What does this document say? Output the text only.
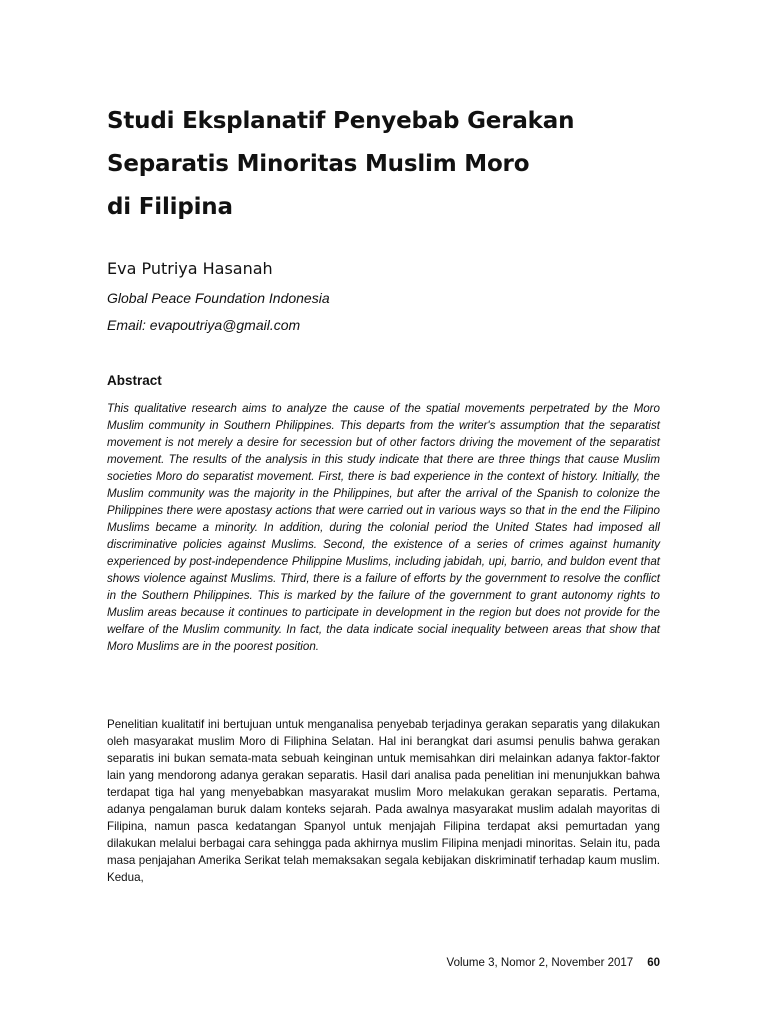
Studi Eksplanatif Penyebab Gerakan
Separatis Minoritas Muslim Moro
di Filipina
Eva Putriya Hasanah
Global Peace Foundation Indonesia
Email: evapoutriya@gmail.com
Abstract
This qualitative research aims to analyze the cause of the spatial movements perpetrated by the Moro Muslim community in Southern Philippines. This departs from the writer's assumption that the separatist movement is not merely a desire for secession but of other factors driving the movement of the separatist movement. The results of the analysis in this study indicate that there are three things that cause Muslim societies Moro do separatist movement. First, there is bad experience in the context of history. Initially, the Muslim community was the majority in the Philippines, but after the arrival of the Spanish to colonize the Philippines there were apostasy actions that were carried out in various ways so that in the end the Filipino Muslims became a minority. In addition, during the colonial period the United States had imposed all discriminative policies against Muslims. Second, the existence of a series of crimes against humanity experienced by post-independence Philippine Muslims, including jabidah, upi, barrio, and buldon event that shows violence against Muslims. Third, there is a failure of efforts by the government to resolve the conflict in the Southern Philippines. This is marked by the failure of the government to grant autonomy rights to Muslim areas because it continues to participate in development in the region but does not provide for the welfare of the Muslim community. In fact, the data indicate social inequality between areas that show that Moro Muslims are in the poorest position.
Penelitian kualitatif ini bertujuan untuk menganalisa penyebab terjadinya gerakan separatis yang dilakukan oleh masyarakat muslim Moro di Filiphina Selatan. Hal ini berangkat dari asumsi penulis bahwa gerakan separatis ini bukan semata-mata sebuah keinginan untuk memisahkan diri melainkan adanya faktor-faktor lain yang mendorong adanya gerakan separatis. Hasil dari analisa pada penelitian ini menunjukkan bahwa terdapat tiga hal yang menyebabkan masyarakat muslim Moro melakukan gerakan separatis. Pertama, adanya pengalaman buruk dalam konteks sejarah. Pada awalnya masyarakat muslim adalah mayoritas di Filipina, namun pasca kedatangan Spanyol untuk menjajah Filipina terdapat aksi pemurtadan yang dilakukan melalui berbagai cara sehingga pada akhirnya muslim Filipina menjadi minoritas. Selain itu, pada masa penjajahan Amerika Serikat telah memaksakan segala kebijakan diskriminatif terhadap kaum muslim. Kedua,
Volume 3, Nomor 2, November 2017 60
